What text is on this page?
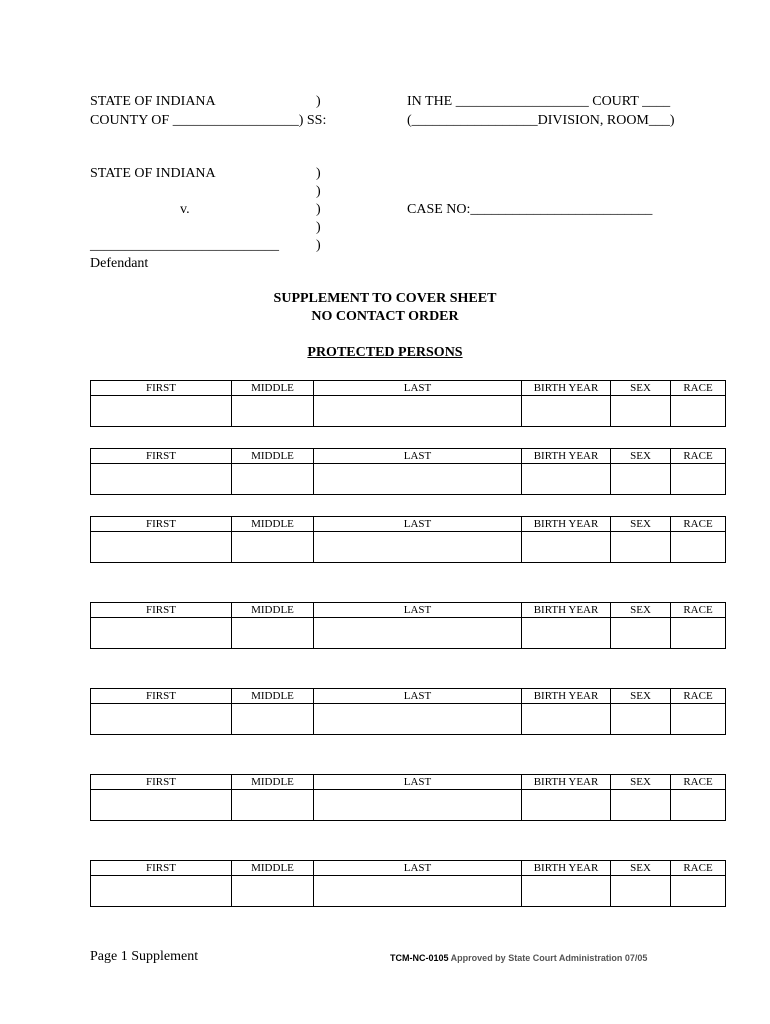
STATE OF INDIANA	)
COUNTY OF __________________) SS:
IN THE ___________________ COURT ____
(__________________DIVISION, ROOM___)
STATE OF INDIANA
v.
)
)
)
)
)
CASE NO:__________________________
___________________________
Defendant
SUPPLEMENT TO COVER SHEET
NO CONTACT ORDER
PROTECTED PERSONS
FIRST	MIDDLE	LAST	BIRTH YEAR	SEX	RACE

FIRST	MIDDLE	LAST	BIRTH YEAR	SEX	RACE

FIRST	MIDDLE	LAST	BIRTH YEAR	SEX	RACE

FIRST	MIDDLE	LAST	BIRTH YEAR	SEX	RACE

FIRST	MIDDLE	LAST	BIRTH YEAR	SEX	RACE

FIRST	MIDDLE	LAST	BIRTH YEAR	SEX	RACE

FIRST	MIDDLE	LAST	BIRTH YEAR	SEX	RACE

Page 1 Supplement	TCM-NC-0105 Approved by State Court Administration 07/05
